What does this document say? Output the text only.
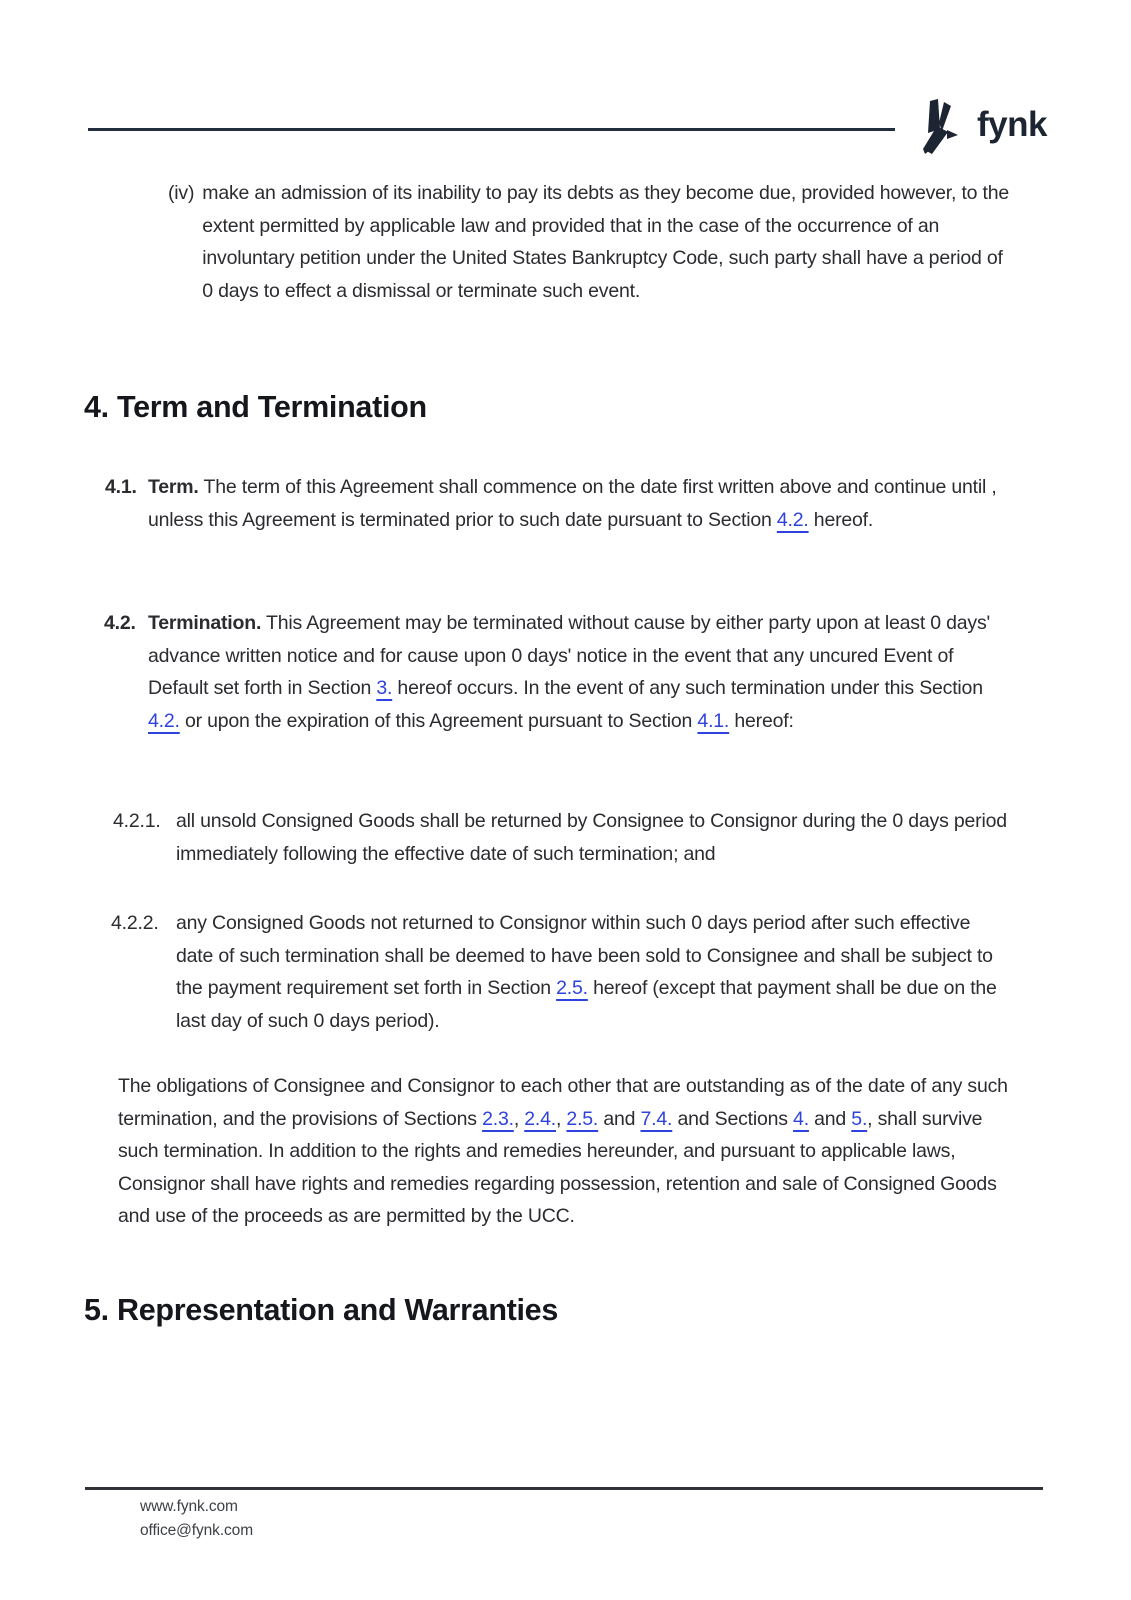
fynk
(iv) make an admission of its inability to pay its debts as they become due, provided however, to the extent permitted by applicable law and provided that in the case of the occurrence of an involuntary petition under the United States Bankruptcy Code, such party shall have a period of 0 days to effect a dismissal or terminate such event.
4. Term and Termination
4.1. Term. The term of this Agreement shall commence on the date first written above and continue until , unless this Agreement is terminated prior to such date pursuant to Section 4.2. hereof.
4.2. Termination. This Agreement may be terminated without cause by either party upon at least 0 days' advance written notice and for cause upon 0 days' notice in the event that any uncured Event of Default set forth in Section 3. hereof occurs. In the event of any such termination under this Section 4.2. or upon the expiration of this Agreement pursuant to Section 4.1. hereof:
4.2.1. all unsold Consigned Goods shall be returned by Consignee to Consignor during the 0 days period immediately following the effective date of such termination; and
4.2.2. any Consigned Goods not returned to Consignor within such 0 days period after such effective date of such termination shall be deemed to have been sold to Consignee and shall be subject to the payment requirement set forth in Section 2.5. hereof (except that payment shall be due on the last day of such 0 days period).
The obligations of Consignee and Consignor to each other that are outstanding as of the date of any such termination, and the provisions of Sections 2.3., 2.4., 2.5. and 7.4. and Sections 4. and 5., shall survive such termination. In addition to the rights and remedies hereunder, and pursuant to applicable laws, Consignor shall have rights and remedies regarding possession, retention and sale of Consigned Goods and use of the proceeds as are permitted by the UCC.
5. Representation and Warranties
www.fynk.com
office@fynk.com
